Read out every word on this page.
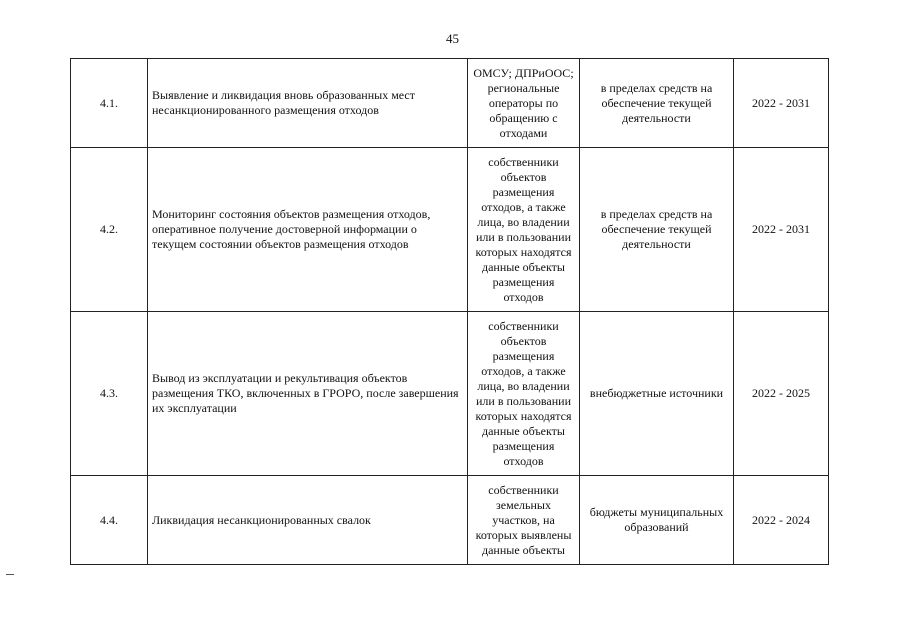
45
4.1.	Выявление и ликвидация вновь образованных мест несанкционированного размещения отходов	ОМСУ; ДПРиООС; региональные операторы по обращению с отходами	в пределах средств на обеспечение текущей деятельности	2022 - 2031
4.2.	Мониторинг состояния объектов размещения отходов, оперативное получение достоверной информации о текущем состоянии объектов размещения отходов	собственники объектов размещения отходов, а также лица, во владении или в пользовании которых находятся данные объекты размещения отходов	в пределах средств на обеспечение текущей деятельности	2022 - 2031
4.3.	Вывод из эксплуатации и рекультивация объектов размещения ТКО, включенных в ГРОРО, после завершения их эксплуатации	собственники объектов размещения отходов, а также лица, во владении или в пользовании которых находятся данные объекты размещения отходов	внебюджетные источники	2022 - 2025
4.4.	Ликвидация несанкционированных свалок	собственники земельных участков, на которых выявлены данные объекты	бюджеты муниципальных образований	2022 - 2024
